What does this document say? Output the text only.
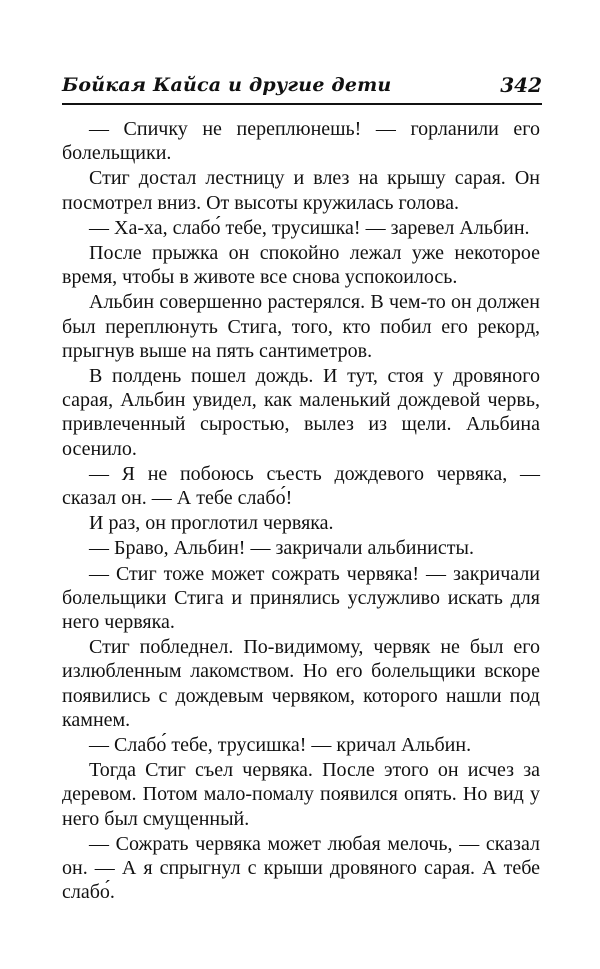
Бойкая Кайса и другие дети	342

— Спичку не переплюнешь! — горланили его болельщики.

Стиг достал лестницу и влез на крышу сарая. Он посмотрел вниз. От высоты кружилась голова.

— Ха-ха, слабо́ тебе, трусишка! — заревел Альбин.

После прыжка он спокойно лежал уже некоторое время, чтобы в животе все снова успокоилось.

Альбин совершенно растерялся. В чем-то он должен был переплюнуть Стига, того, кто побил его рекорд, прыгнув выше на пять сантиметров.

В полдень пошел дождь. И тут, стоя у дровяного сарая, Альбин увидел, как маленький дождевой червь, привлеченный сыростью, вылез из щели. Альбина осенило.

— Я не побоюсь съесть дождевого червяка, — сказал он. — А тебе слабо́!

И раз, он проглотил червяка.

— Браво, Альбин! — закричали альбинисты.

— Стиг тоже может сожрать червяка! — закричали болельщики Стига и принялись услужливо искать для него червяка.

Стиг побледнел. По-видимому, червяк не был его излюбленным лакомством. Но его болельщики вскоре появились с дождевым червяком, которого нашли под камнем.

— Слабо́ тебе, трусишка! — кричал Альбин.

Тогда Стиг съел червяка. После этого он исчез за деревом. Потом мало-помалу появился опять. Но вид у него был смущенный.

— Сожрать червяка может любая мелочь, — сказал он. — А я спрыгнул с крыши дровяного сарая. А тебе слабо́.
